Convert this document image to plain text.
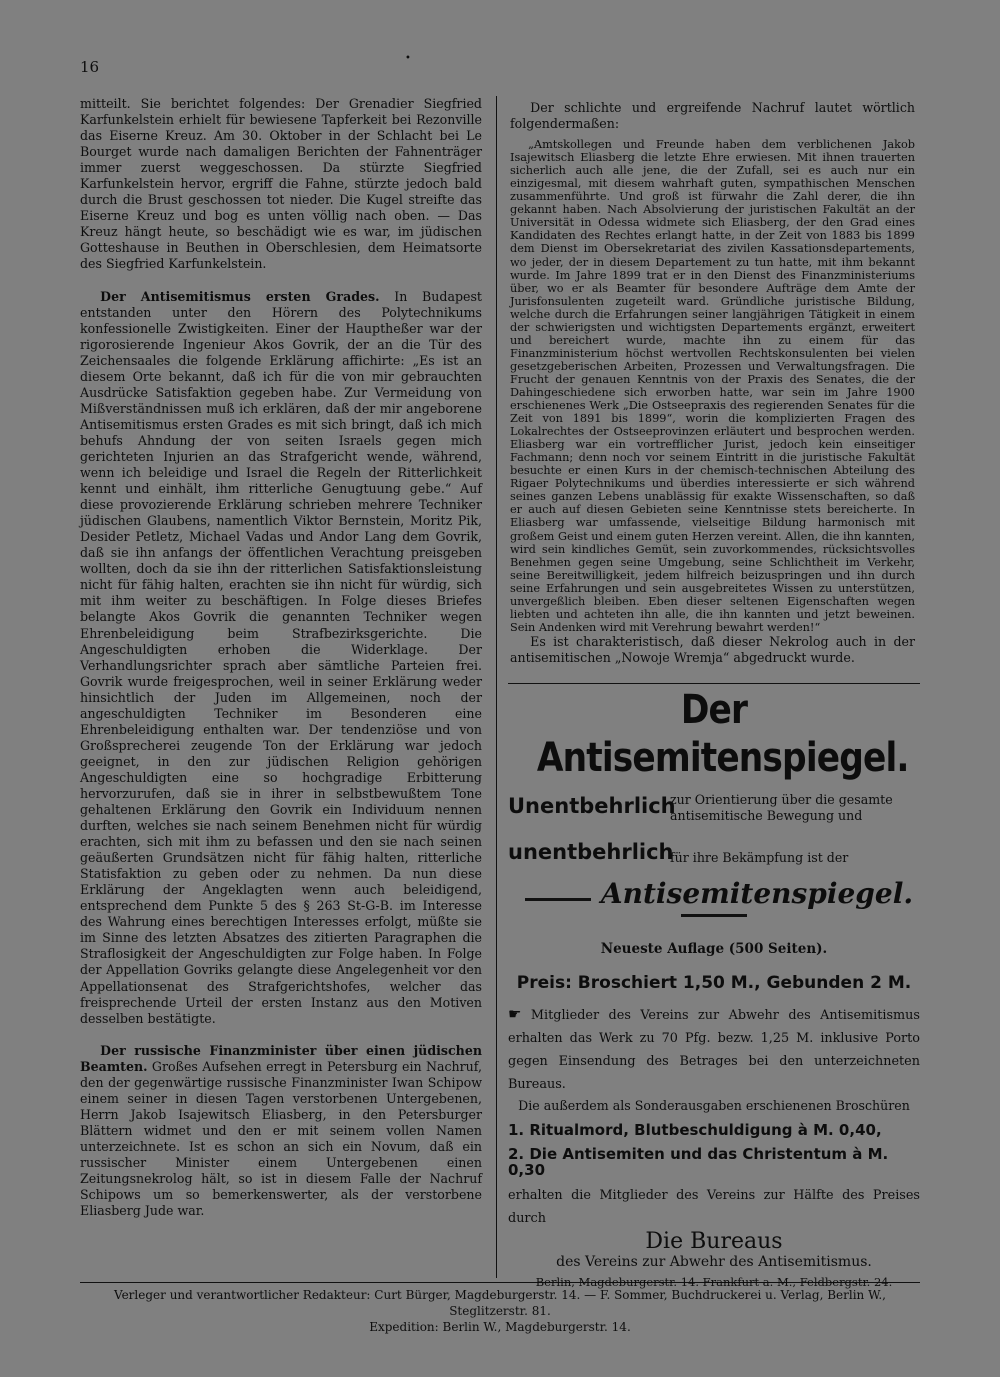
16	•

mitteilt. Sie berichtet folgendes: Der Grenadier Siegfried Karfunkelstein erhielt für bewiesene Tapferkeit bei Rezonville das Eiserne Kreuz. Am 30. Oktober in der Schlacht bei Le Bourget wurde nach damaligen Berichten der Fahnenträger immer zuerst weggeschossen. Da stürzte Siegfried Karfunkelstein hervor, ergriff die Fahne, stürzte jedoch bald durch die Brust geschossen tot nieder. Die Kugel streifte das Eiserne Kreuz und bog es unten völlig nach oben. — Das Kreuz hängt heute, so beschädigt wie es war, im jüdischen Gotteshause in Beuthen in Oberschlesien, dem Heimatsorte des Siegfried Karfunkelstein.

Der Antisemitismus ersten Grades. In Budapest entstanden unter den Hörern des Polytechnikums konfessionelle Zwistigkeiten. Einer der Hauptheßer war der rigorosierende Ingenieur Akos Govrik, der an die Tür des Zeichensaales die folgende Erklärung affichirte: „Es ist an diesem Orte bekannt, daß ich für die von mir gebrauchten Ausdrücke Satisfaktion gegeben habe. Zur Vermeidung von Mißverständnissen muß ich erklären, daß der mir angeborene Antisemitismus ersten Grades es mit sich bringt, daß ich mich behufs Ahndung der von seiten Israels gegen mich gerichteten Injurien an das Strafgericht wende, während, wenn ich beleidige und Israel die Regeln der Ritterlichkeit kennt und einhält, ihm ritterliche Genugtuung gebe.“ Auf diese provozierende Erklärung schrieben mehrere Techniker jüdischen Glaubens, namentlich Viktor Bernstein, Moritz Pik, Desider Petletz, Michael Vadas und Andor Lang dem Govrik, daß sie ihn anfangs der öffentlichen Verachtung preisgeben wollten, doch da sie ihn der ritterlichen Satisfaktionsleistung nicht für fähig halten, erachten sie ihn nicht für würdig, sich mit ihm weiter zu beschäftigen. In Folge dieses Briefes belangte Akos Govrik die genannten Techniker wegen Ehrenbeleidigung beim Strafbezirksgerichte. Die Angeschuldigten erhoben die Widerklage. Der Verhandlungsrichter sprach aber sämtliche Parteien frei. Govrik wurde freigesprochen, weil in seiner Erklärung weder hinsichtlich der Juden im Allgemeinen, noch der angeschuldigten Techniker im Besonderen eine Ehrenbeleidigung enthalten war. Der tendenziöse und von Großsprecherei zeugende Ton der Erklärung war jedoch geeignet, in den zur jüdischen Religion gehörigen Angeschuldigten eine so hochgradige Erbitterung hervorzurufen, daß sie in ihrer in selbstbewußtem Tone gehaltenen Erklärung den Govrik ein Individuum nennen durften, welches sie nach seinem Benehmen nicht für würdig erachten, sich mit ihm zu befassen und den sie nach seinen geäußerten Grundsätzen nicht für fähig halten, ritterliche Statisfaktion zu geben oder zu nehmen. Da nun diese Erklärung der Angeklagten wenn auch beleidigend, entsprechend dem Punkte 5 des § 263 St-G-B. im Interesse des Wahrung eines berechtigen Interesses erfolgt, müßte sie im Sinne des letzten Absatzes des zitierten Paragraphen die Straflosigkeit der Angeschuldigten zur Folge haben. In Folge der Appellation Govriks gelangte diese Angelegenheit vor den Appellationsenat des Strafgerichtshofes, welcher das freisprechende Urteil der ersten Instanz aus den Motiven desselben bestätigte.

Der russische Finanzminister über einen jüdischen Beamten. Großes Aufsehen erregt in Petersburg ein Nachruf, den der gegenwärtige russische Finanzminister Iwan Schipow einem seiner in diesen Tagen verstorbenen Untergebenen, Herrn Jakob Isajewitsch Eliasberg, in den Petersburger Blättern widmet und den er mit seinem vollen Namen unterzeichnete. Ist es schon an sich ein Novum, daß ein russischer Minister einem Untergebenen einen Zeitungsnekrolog hält, so ist in diesem Falle der Nachruf Schipows um so bemerkenswerter, als der verstorbene Eliasberg Jude war.

Der schlichte und ergreifende Nachruf lautet wörtlich folgendermaßen:

„Amtskollegen und Freunde haben dem verblichenen Jakob Isajewitsch Eliasberg die letzte Ehre erwiesen. Mit ihnen trauerten sicherlich auch alle jene, die der Zufall, sei es auch nur ein einzigesmal, mit diesem wahrhaft guten, sympathischen Menschen zusammenführte. Und groß ist fürwahr die Zahl derer, die ihn gekannt haben. Nach Absolvierung der juristischen Fakultät an der Universität in Odessa widmete sich Eliasberg, der den Grad eines Kandidaten des Rechtes erlangt hatte, in der Zeit von 1883 bis 1899 dem Dienst im Obersekretariat des zivilen Kassationsdepartements, wo jeder, der in diesem Departement zu tun hatte, mit ihm bekannt wurde. Im Jahre 1899 trat er in den Dienst des Finanzministeriums über, wo er als Beamter für besondere Aufträge dem Amte der Jurisfonsulenten zugeteilt ward. Gründliche juristische Bildung, welche durch die Erfahrungen seiner langjährigen Tätigkeit in einem der schwierigsten und wichtigsten Departements ergänzt, erweitert und bereichert wurde, machte ihn zu einem für das Finanzministerium höchst wertvollen Rechtskonsulenten bei vielen gesetzgeberischen Arbeiten, Prozessen und Verwaltungsfragen. Die Frucht der genauen Kenntnis von der Praxis des Senates, die der Dahingeschiedene sich erworben hatte, war sein im Jahre 1900 erschienenes Werk „Die Ostseepraxis des regierenden Senates für die Zeit von 1891 bis 1899“, worin die komplizierten Fragen des Lokalrechtes der Ostseeprovinzen erläutert und besprochen werden. Eliasberg war ein vortrefflicher Jurist, jedoch kein einseitiger Fachmann; denn noch vor seinem Eintritt in die juristische Fakultät besuchte er einen Kurs in der chemisch-technischen Abteilung des Rigaer Polytechnikums und überdies interessierte er sich während seines ganzen Lebens unablässig für exakte Wissenschaften, so daß er auch auf diesen Gebieten seine Kenntnisse stets bereicherte. In Eliasberg war umfassende, vielseitige Bildung harmonisch mit großem Geist und einem guten Herzen vereint. Allen, die ihn kannten, wird sein kindliches Gemüt, sein zuvorkommendes, rücksichtsvolles Benehmen gegen seine Umgebung, seine Schlichtheit im Verkehr, seine Bereitwilligkeit, jedem hilfreich beizuspringen und ihn durch seine Erfahrungen und sein ausgebreitetes Wissen zu unterstützen, unvergeßlich bleiben. Eben dieser seltenen Eigenschaften wegen liebten und achteten ihn alle, die ihn kannten und jetzt beweinen. Sein Andenken wird mit Verehrung bewahrt werden!“

Es ist charakteristisch, daß dieser Nekrolog auch in der antisemitischen „Nowoje Wremja“ abgedruckt wurde.

Der Antisemitenspiegel.
Unentbehrlich
zur Orientierung über die gesamte antisemitische Bewegung und
unentbehrlich
für ihre Bekämpfung ist der
Antisemitenspiegel.
Neueste Auflage (500 Seiten).
Preis: Broschiert 1,50 M., Gebunden 2 M.
☛ Mitglieder des Vereins zur Abwehr des Antisemitismus erhalten das Werk zu 70 Pfg. bezw. 1,25 M. inklusive Porto gegen Einsendung des Betrages bei den unterzeichneten Bureaus.
Die außerdem als Sonderausgaben erschienenen Broschüren
1. Ritualmord, Blutbeschuldigung à M. 0,40,
2. Die Antisemiten und das Christentum à M. 0,30
erhalten die Mitglieder des Vereins zur Hälfte des Preises durch
Die Bureaus
des Vereins zur Abwehr des Antisemitismus.
Berlin, Magdeburgerstr. 14. Frankfurt a. M., Feldbergstr. 24.
Verleger und verantwortlicher Redakteur: Curt Bürger, Magdeburgerstr. 14. — F. Sommer, Buchdruckerei u. Verlag, Berlin W., Steglitzerstr. 81.
Expedition: Berlin W., Magdeburgerstr. 14.
